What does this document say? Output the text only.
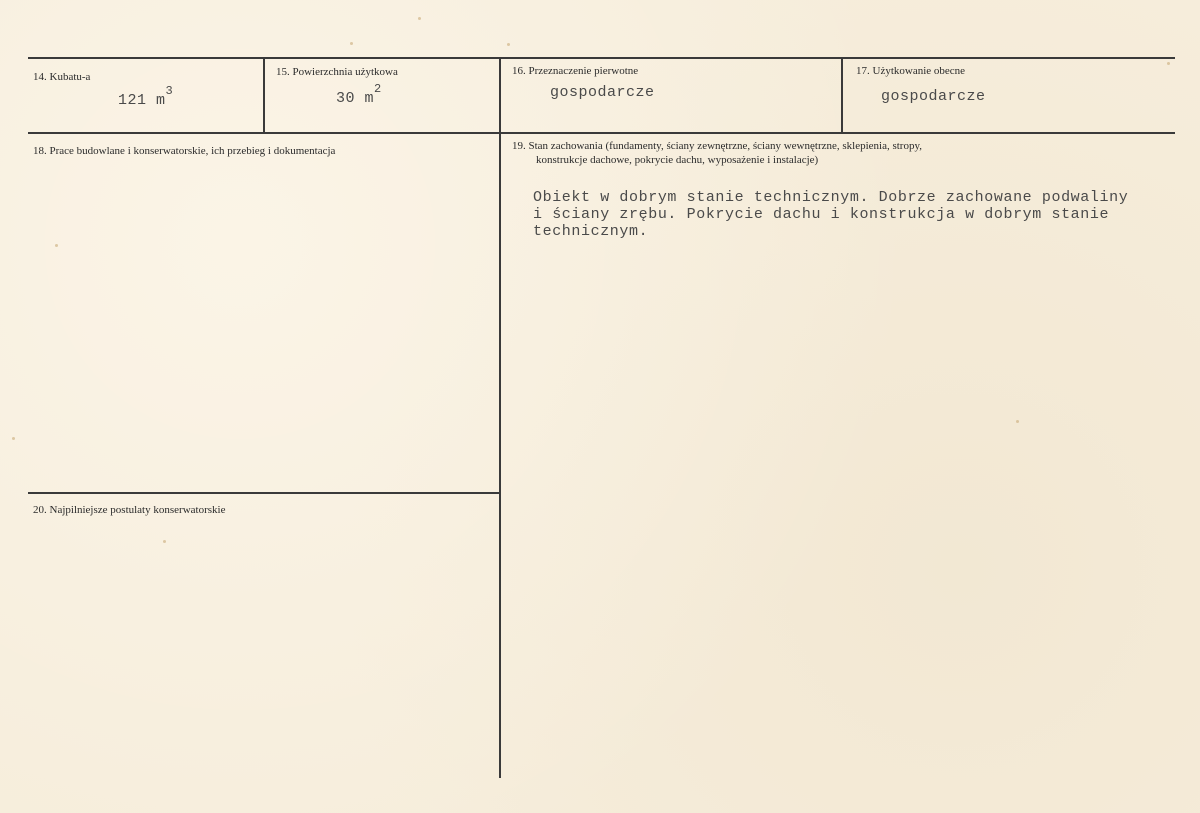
14. Kubatu‐a
121 $m^3$
15. Powierzchnia użytkowa
30 $m^2$
16. Przeznaczenie pierwotne
gospodarcze
17. Użytkowanie obecne
gospodarcze
18. Prace budowlane i konserwatorskie, ich przebieg i dokumentacja	19. Stan zachowania (fundamenty, ściany zewnętrzne, ściany wewnętrzne, sklepienia, stropy,
konstrukcje dachowe, pokrycie dachu, wyposażenie i instalacje)
Obiekt w dobrym stanie technicznym. Dobrze zachowane podwaliny
i ściany zrębu. Pokrycie dachu i konstrukcja w dobrym stanie
technicznym.
20. Najpilniejsze postulaty konserwatorskie
